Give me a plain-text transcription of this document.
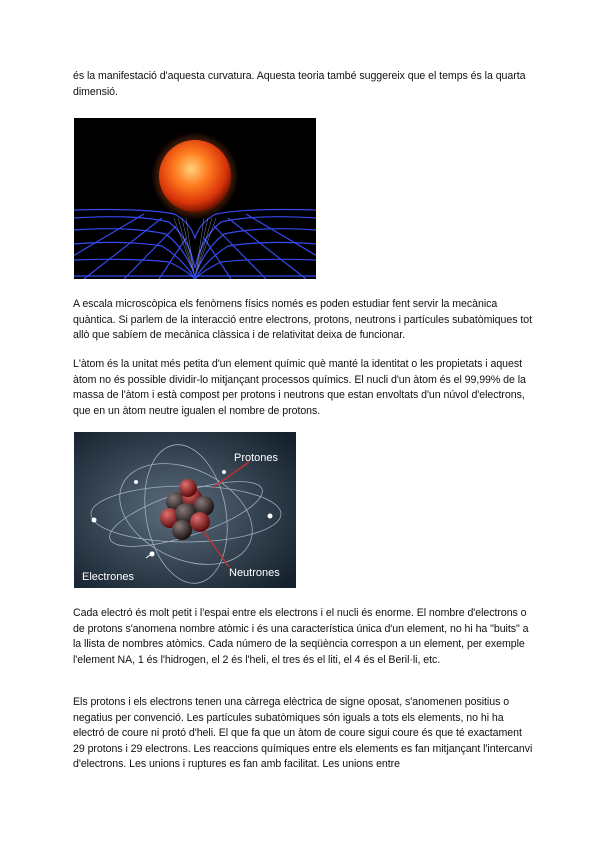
és la manifestació d'aquesta curvatura. Aquesta teoria també suggereix que el temps és la quarta dimensió.

A escala microscòpica els fenòmens físics només es poden estudiar fent servir la mecànica quàntica. Si parlem de la interacció entre electrons, protons, neutrons i partícules subatòmiques tot allò que sabíem de mecànica clàssica i de relativitat deixa de funcionar.

L'àtom és la unitat més petita d'un element químic què manté la identitat o les propietats i aquest àtom no és possible dividir-lo mitjançant processos químics. El nucli d'un àtom és el 99,99% de la massa de l'àtom i està compost per protons i neutrons que estan envoltats d'un núvol d'electrons, que en un àtom neutre igualen el nombre de protons.

Protones
Electrones	Neutrones

Cada electró és molt petit i l'espai entre els electrons i el nucli és enorme. El nombre d'electrons o de protons s'anomena nombre atòmic i és una característica única d'un element, no hi ha "buits" a la llista de nombres atòmics. Cada número de la seqüència correspon a un element, per exemple l'element NA, 1 és l'hidrogen, el 2 és l'heli, el tres és el liti, el 4 és el Beril·li, etc.

Els protons i els electrons tenen una càrrega elèctrica de signe oposat, s'anomenen positius o negatius per convenció. Les partícules subatòmiques són iguals a tots els elements, no hi ha electró de coure ni protó d'heli. El que fa que un àtom de coure sigui coure és que té exactament 29 protons i 29 electrons. Les reaccions químiques entre els elements es fan mitjançant l'intercanvi d'electrons. Les unions i ruptures es fan amb facilitat. Les unions entre
